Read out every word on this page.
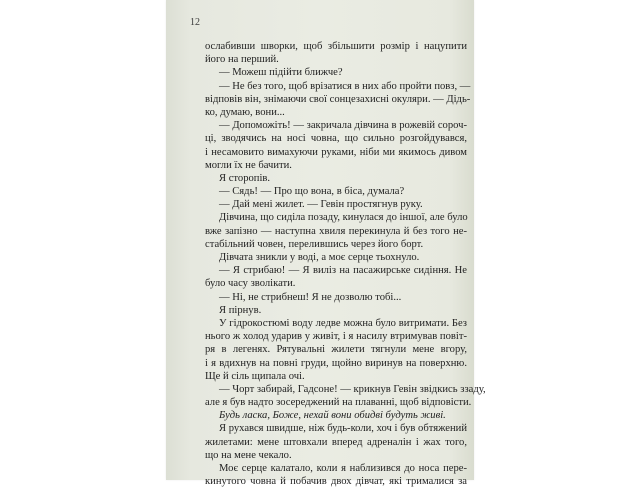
12
ослабивши шворки, щоб збільшити розмір і нацупити
його на перший.
— Можеш підійти ближче?
— Не без того, щоб врізатися в них або пройти повз, —
відповів він, знімаючи свої сонцезахисні окуляри. — Дідь-
ко, думаю, вони...
— Допоможіть! — закричала дівчина в рожевій сороч-
ці, зводячись на носі човна, що сильно розгойдувався,
і несамовито вимахуючи руками, ніби ми якимось дивом
могли їх не бачити.
Я сторопів.
— Сядь! — Про що вона, в біса, думала?
— Дай мені жилет. — Гевін простягнув руку.
Дівчина, що сиділа позаду, кинулася до іншої, але було
вже запізно — наступна хвиля перекинула й без того не-
стабільний човен, перелившись через його борт.
Дівчата зникли у воді, а моє серце тьохнуло.
— Я стрибаю! — Я виліз на пасажирське сидіння. Не
було часу зволікати.
— Ні, не стрибнеш! Я не дозволю тобі...
Я пірнув.
У гідрокостюмі воду ледве можна було витримати. Без
нього ж холод ударив у живіт, і я насилу втримував повіт-
ря в легенях. Рятувальні жилети тягнули мене вгору,
і я вдихнув на повні груди, щойно виринув на поверхню.
Ще й сіль щипала очі.
— Чорт забирай, Гадсоне! — крикнув Гевін звідкись ззаду,
але я був надто зосереджений на плаванні, щоб відповісти.
Будь ласка, Боже, нехай вони обидві будуть живі.
Я рухався швидше, ніж будь-коли, хоч і був обтяжений
жилетами: мене штовхали вперед адреналін і жах того,
що на мене чекало.
Моє серце калатало, коли я наблизився до носа пере-
кинутого човна й побачив двох дівчат, які трималися за
